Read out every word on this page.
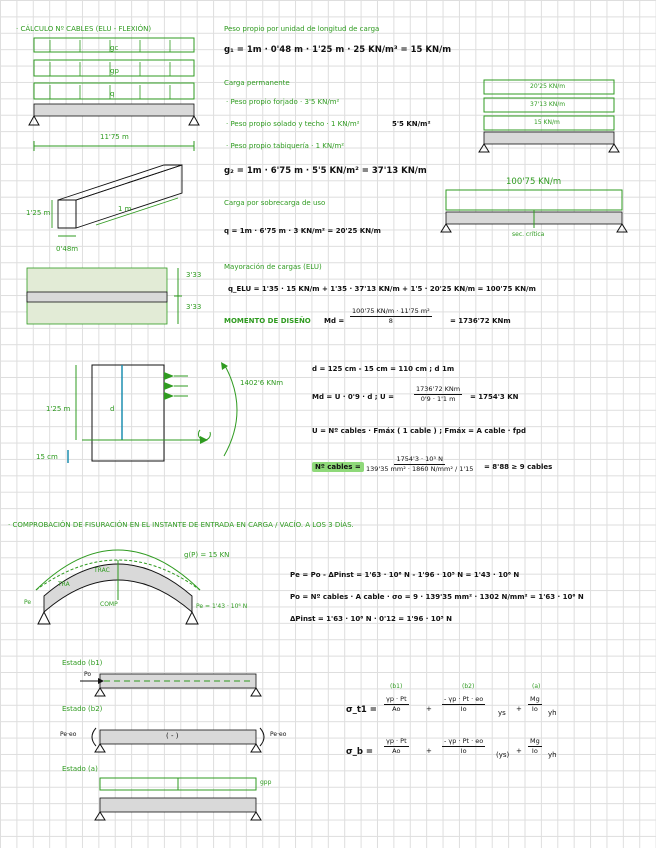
· CÁLCULO Nº CABLES (ELU - FLEXIÓN)
gc
gp
q
11'75 m
1'25 m	1 m
0'48m
3'33
3'33
Peso propio por unidad de longitud de carga
g₁ = 1m · 0'48 m · 1'25 m · 25 KN/m³ = 15 KN/m
Carga permanente
· Peso propio forjado · 3'5 KN/m²
· Peso propio solado y techo · 1 KN/m²
· Peso propio tabiquería · 1 KN/m²
5'5 KN/m²
g₂ = 1m · 6'75 m · 5'5 KN/m² = 37'13 KN/m
Carga por sobrecarga de uso
q = 1m · 6'75 m · 3 KN/m² = 20'25 KN/m
20'25 KN/m
37'13 KN/m
15 KN/m
100'75 KN/m
sec. crítica
Mayoración de cargas (ELU)
q_ELU = 1'35 · 15 KN/m + 1'35 · 37'13 KN/m + 1'5 · 20'25 KN/m = 100'75 KN/m
MOMENTO DE DISEÑO $Md = \frac{\text{100'75 KN/m · 11'75 m²}}{8}$	= 1736'72 KNm
1'25 m	d
15 cm
1402'6 KNm
d = 125 cm - 15 cm = 110 cm ; d 1m
Md = U · 0'9 · d ; U =
1736'72 KNm
0'9 · 1'1 m = 1754'3 KN
U = Nº cables · Fmáx ( 1 cable ) ; Fmáx = A cable · fpd
Nº cables = $\frac{\text{1754'3 · 10³ N}}{\text{139'35 mm² · 1860 N/mm² / 1'15}} = 8'88 \ge 9$ cables
· COMPROBACIÓN DE FISURACIÓN EN EL INSTANTE DE ENTRADA EN CARGA / VACÍO. A LOS 3 DÍAS.
g(P) = 15 KN
TRAC
COMP
Pe
Pe = 1'43 · 10⁶ N
TRA
Pe = Po - ΔPinst = 1'63 · 10⁶ N - 1'96 · 10⁵ N = 1'43 · 10⁶ N
Po = Nº cables · A cable · σo = 9 · 139'35 mm² · 1302 N/mm² = 1'63 · 10⁶ N
ΔPinst = 1'63 · 10⁶ N · 0'12 = 1'96 · 10⁵ N
Estado (b1)
Estado (b2)
Estado (a)
Po
Pe·eo	( - )	Pe·eo
gpp
(b1)	(b2)	(a)
σ_t1 = $\frac{\gamma p \cdot Pt}{Ao} + \frac{- \gamma p \cdot Pt \cdot eo}{Io}$ ys + $\frac{Mg}{Io}$ yh
σ_b = $\frac{\gamma p \cdot Pt}{Ao} + \frac{- \gamma p \cdot Pt \cdot eo}{Io} (ys) + \frac{Mg}{Io}$ yh
